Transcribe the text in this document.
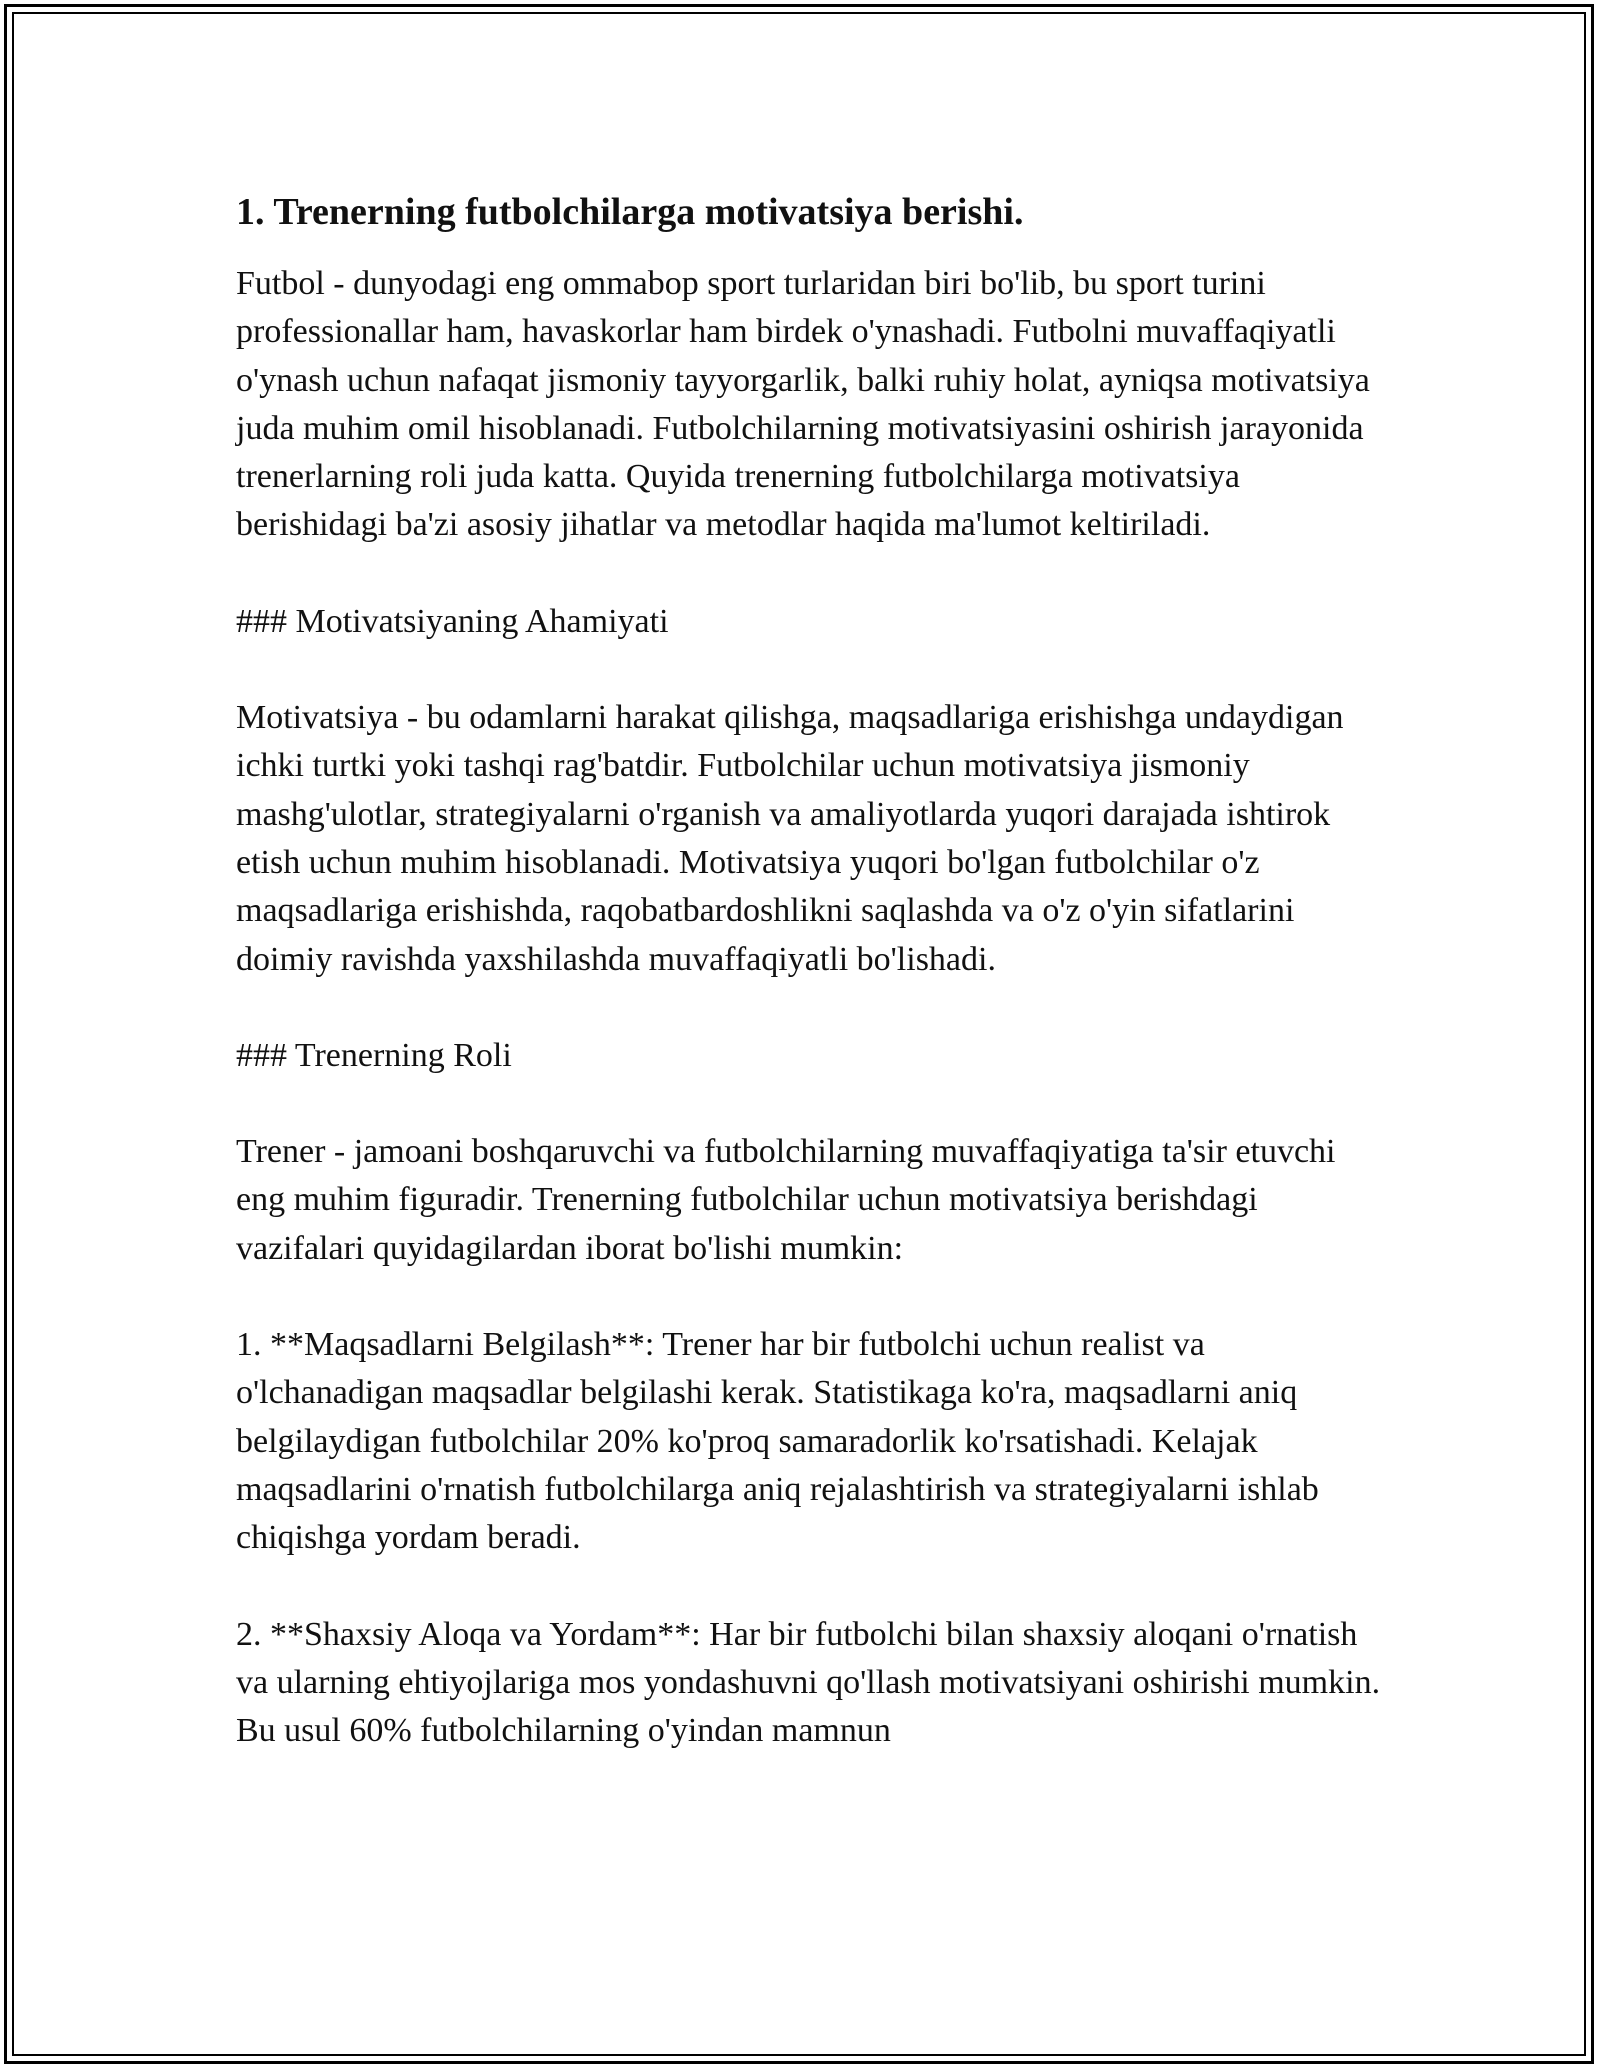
1. Trenerning futbolchilarga motivatsiya berishi.

Futbol - dunyodagi eng ommabop sport turlaridan biri bo'lib, bu sport turini professionallar ham, havaskorlar ham birdek o'ynashadi. Futbolni muvaffaqiyatli o'ynash uchun nafaqat jismoniy tayyorgarlik, balki ruhiy holat, ayniqsa motivatsiya juda muhim omil hisoblanadi. Futbolchilarning motivatsiyasini oshirish jarayonida trenerlarning roli juda katta. Quyida trenerning futbolchilarga motivatsiya berishidagi ba'zi asosiy jihatlar va metodlar haqida ma'lumot keltiriladi.

### Motivatsiyaning Ahamiyati

Motivatsiya - bu odamlarni harakat qilishga, maqsadlariga erishishga undaydigan ichki turtki yoki tashqi rag'batdir. Futbolchilar uchun motivatsiya jismoniy mashg'ulotlar, strategiyalarni o'rganish va amaliyotlarda yuqori darajada ishtirok etish uchun muhim hisoblanadi. Motivatsiya yuqori bo'lgan futbolchilar o'z maqsadlariga erishishda, raqobatbardoshlikni saqlashda va o'z o'yin sifatlarini doimiy ravishda yaxshilashda muvaffaqiyatli bo'lishadi.

### Trenerning Roli

Trener - jamoani boshqaruvchi va futbolchilarning muvaffaqiyatiga ta'sir etuvchi eng muhim figuradir. Trenerning futbolchilar uchun motivatsiya berishdagi vazifalari quyidagilardan iborat bo'lishi mumkin:

1. **Maqsadlarni Belgilash**: Trener har bir futbolchi uchun realist va o'lchanadigan maqsadlar belgilashi kerak. Statistikaga ko'ra, maqsadlarni aniq belgilaydigan futbolchilar 20% ko'proq samaradorlik ko'rsatishadi. Kelajak maqsadlarini o'rnatish futbolchilarga aniq rejalashtirish va strategiyalarni ishlab chiqishga yordam beradi.

2. **Shaxsiy Aloqa va Yordam**: Har bir futbolchi bilan shaxsiy aloqani o'rnatish va ularning ehtiyojlariga mos yondashuvni qo'llash motivatsiyani oshirishi mumkin. Bu usul 60% futbolchilarning o'yindan mamnun
